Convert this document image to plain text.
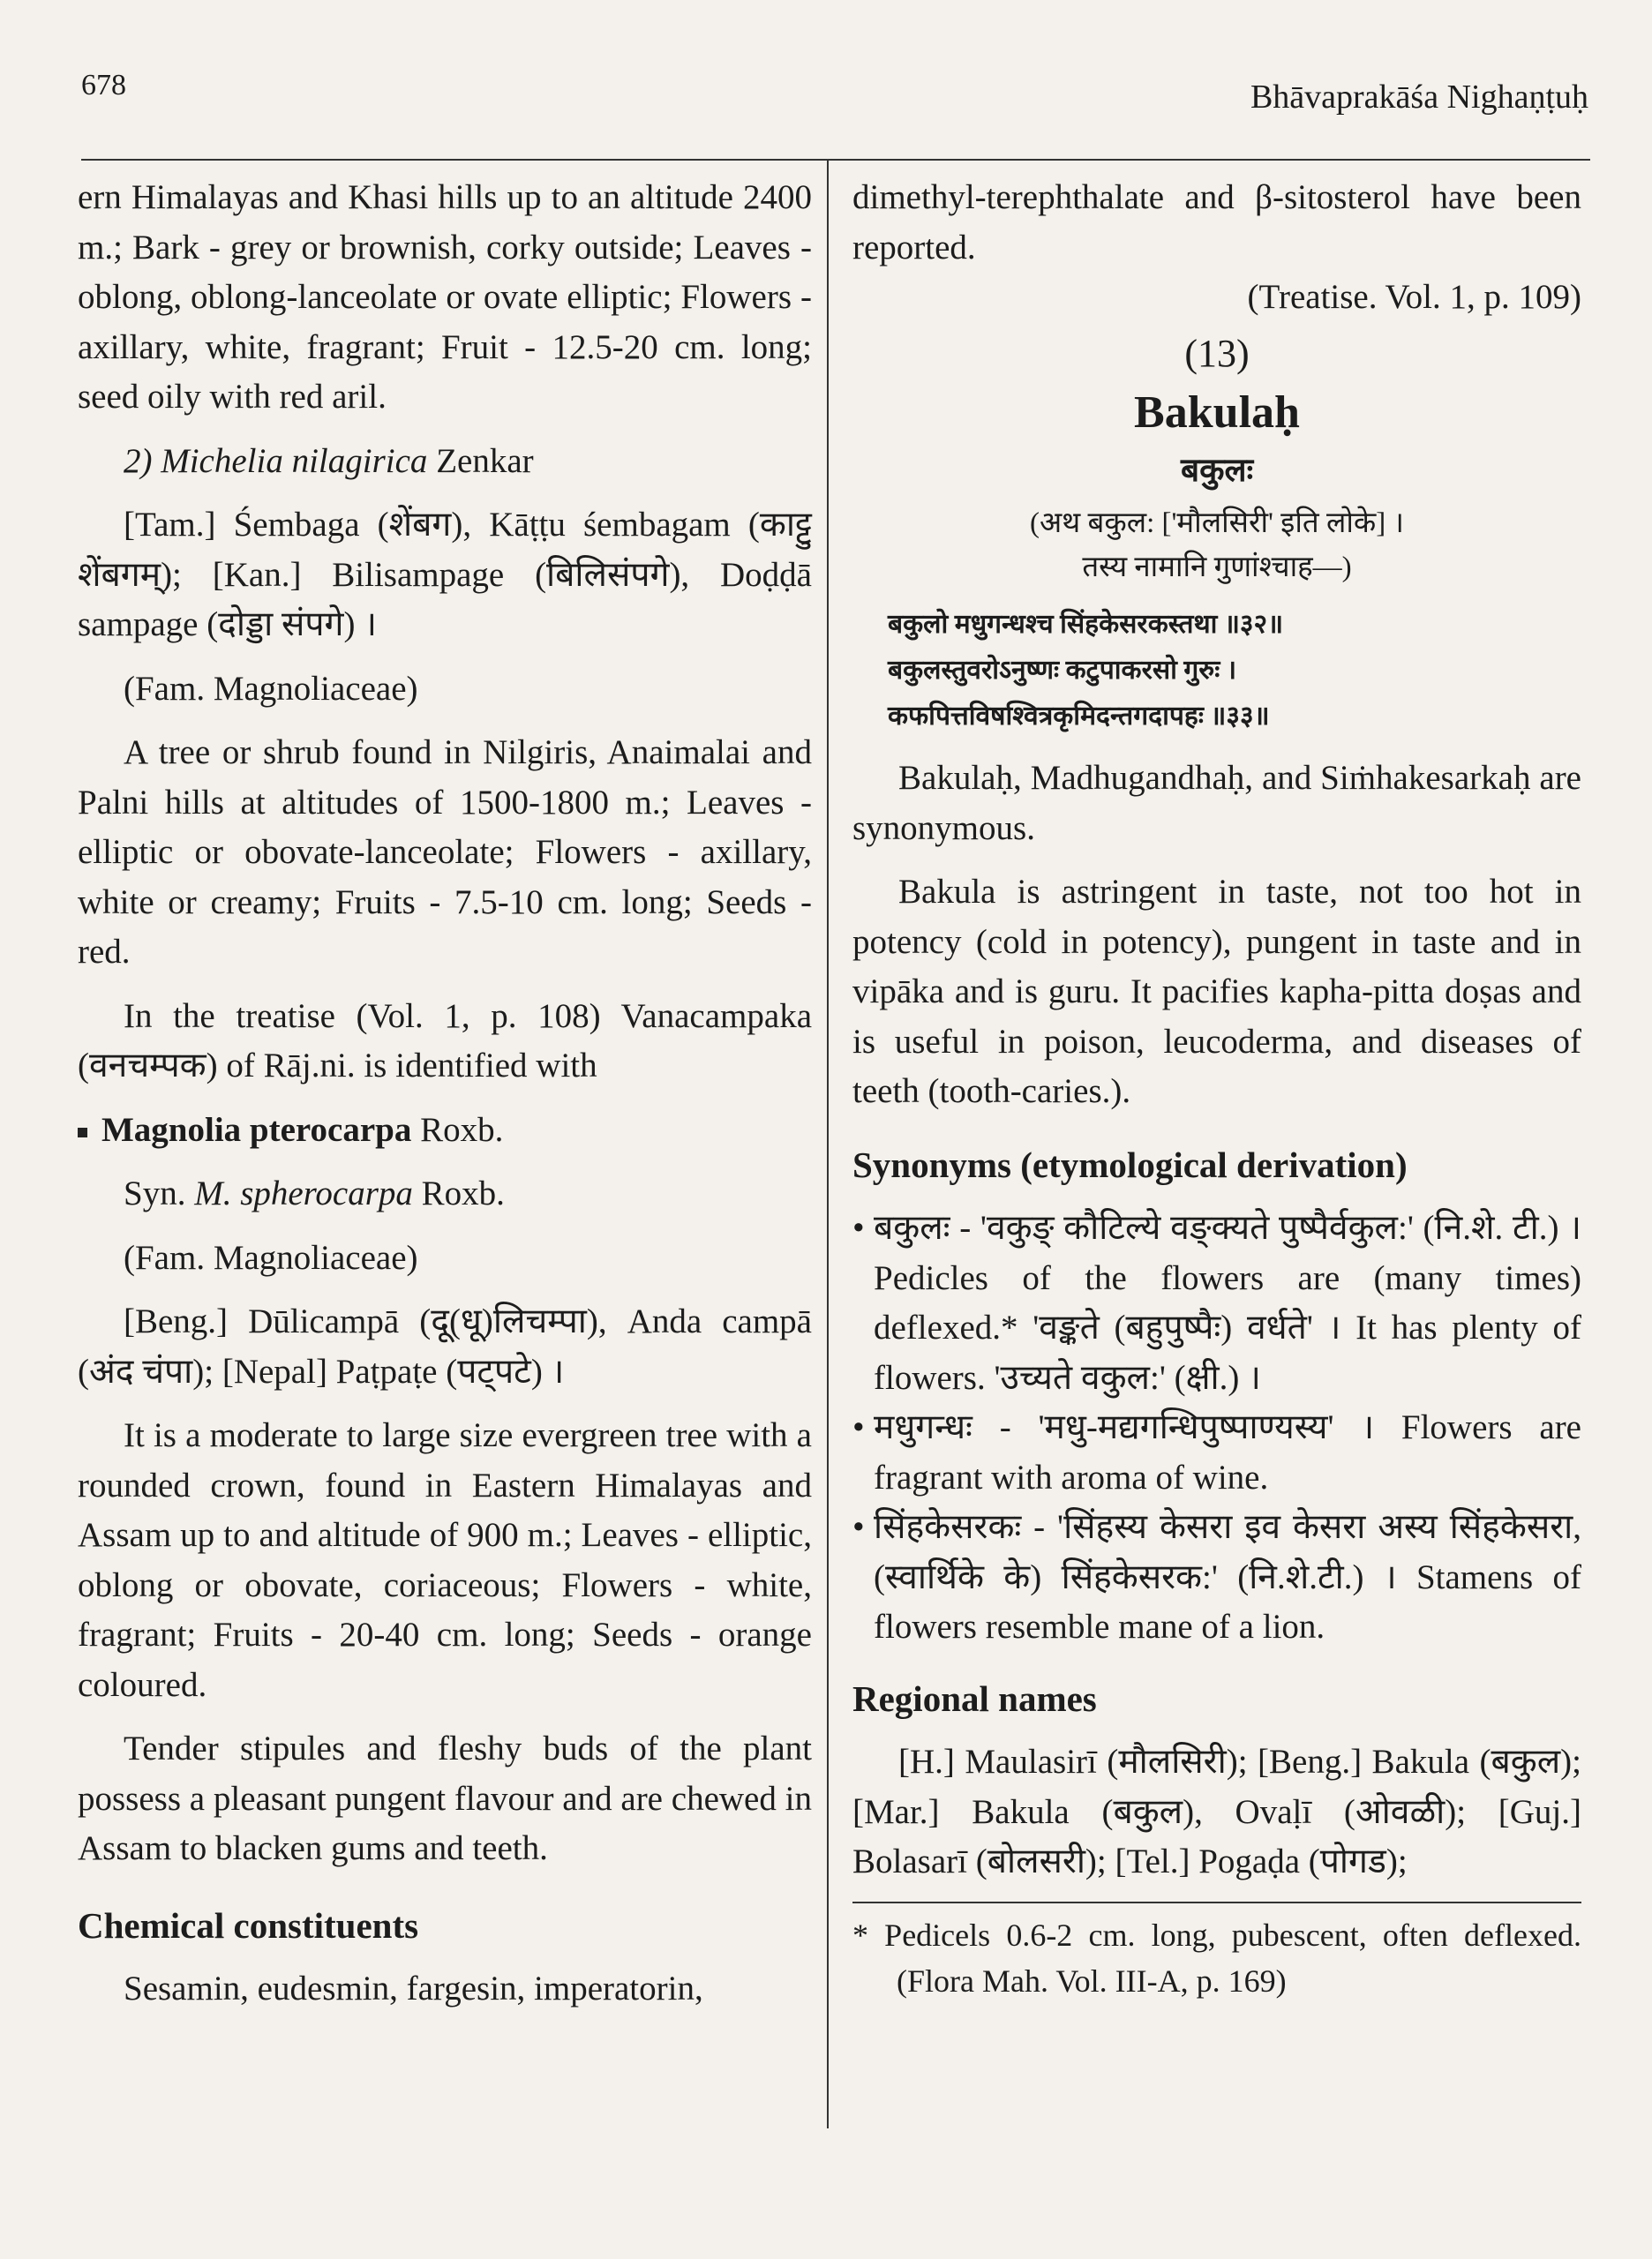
678	Bhāvaprakāśa Nighaṇṭuḥ

ern Himalayas and Khasi hills up to an altitude 2400 m.; Bark - grey or brownish, corky outside; Leaves - oblong, oblong-lanceolate or ovate elliptic; Flowers - axillary, white, fragrant; Fruit - 12.5-20 cm. long; seed oily with red aril.

2) Michelia nilagirica Zenkar

[Tam.] Śembaga (शेंबग), Kāṭṭu śembagam (काट्टु शेंबगम्); [Kan.] Bilisampage (बिलिसंपगे), Doḍḍā sampage (दोड्डा संपगे) ।

(Fam. Magnoliaceae)

A tree or shrub found in Nilgiris, Anaimalai and Palni hills at altitudes of 1500-1800 m.; Leaves - elliptic or obovate-lanceolate; Flowers - axillary, white or creamy; Fruits - 7.5-10 cm. long; Seeds - red.

In the treatise (Vol. 1, p. 108) Vanacampaka (वनचम्पक) of Rāj.ni. is identified with

Magnolia pterocarpa Roxb.

Syn. M. spherocarpa Roxb.

(Fam. Magnoliaceae)

[Beng.] Dūlicampā (दू(धू)लिचम्पा), Anda campā (अंद चंपा); [Nepal] Paṭpaṭe (पट्पटे) ।

It is a moderate to large size evergreen tree with a rounded crown, found in Eastern Himalayas and Assam up to and altitude of 900 m.; Leaves - elliptic, oblong or obovate, coriaceous; Flowers - white, fragrant; Fruits - 20-40 cm. long; Seeds - orange coloured.

Tender stipules and fleshy buds of the plant possess a pleasant pungent flavour and are chewed in Assam to blacken gums and teeth.

Chemical constituents

Sesamin, eudesmin, fargesin, imperatorin,

dimethyl-terephthalate and β-sitosterol have been reported.

(Treatise. Vol. 1, p. 109)

(13)

Bakulaḥ

बकुलः

(अथ बकुल: ['मौलसिरी' इति लोके] ।

तस्य नामानि गुणांश्चाह—)

बकुलो मधुगन्धश्च सिंहकेसरकस्तथा ॥३२॥

बकुलस्तुवरोऽनुष्णः कटुपाकरसो गुरुः ।

कफपित्तविषश्वित्रकृमिदन्तगदापहः ॥३३॥

Bakulaḥ, Madhugandhaḥ, and Siṁhakesarkaḥ are synonymous.

Bakula is astringent in taste, not too hot in potency (cold in potency), pungent in taste and in vipāka and is guru. It pacifies kapha-pitta doṣas and is useful in poison, leucoderma, and diseases of teeth (tooth-caries.).

Synonyms (etymological derivation)

• बकुलः - 'वकुङ् कौटिल्ये वङ्क्यते पुष्पैर्वकुल:' (नि.शे. टी.) । Pedicles of the flowers are (many times) deflexed.* 'वङ्कते (बहुपुष्पैः) वर्धते' । It has plenty of flowers. 'उच्यते वकुल:' (क्षी.) ।

• मधुगन्धः - 'मधु-मद्यगन्धिपुष्पाण्यस्य' । Flowers are fragrant with aroma of wine.

• सिंहकेसरकः - 'सिंहस्य केसरा इव केसरा अस्य सिंहकेसरा, (स्वार्थिके के) सिंहकेसरक:' (नि.शे.टी.) । Stamens of flowers resemble mane of a lion.

Regional names

[H.] Maulasirī (मौलसिरी); [Beng.] Bakula (बकुल); [Mar.] Bakula (बकुल), Ovaḷī (ओवळी); [Guj.] Bolasarī (बोलसरी); [Tel.] Pogaḍa (पोगड);

* Pedicels 0.6-2 cm. long, pubescent, often deflexed. (Flora Mah. Vol. III-A, p. 169)
